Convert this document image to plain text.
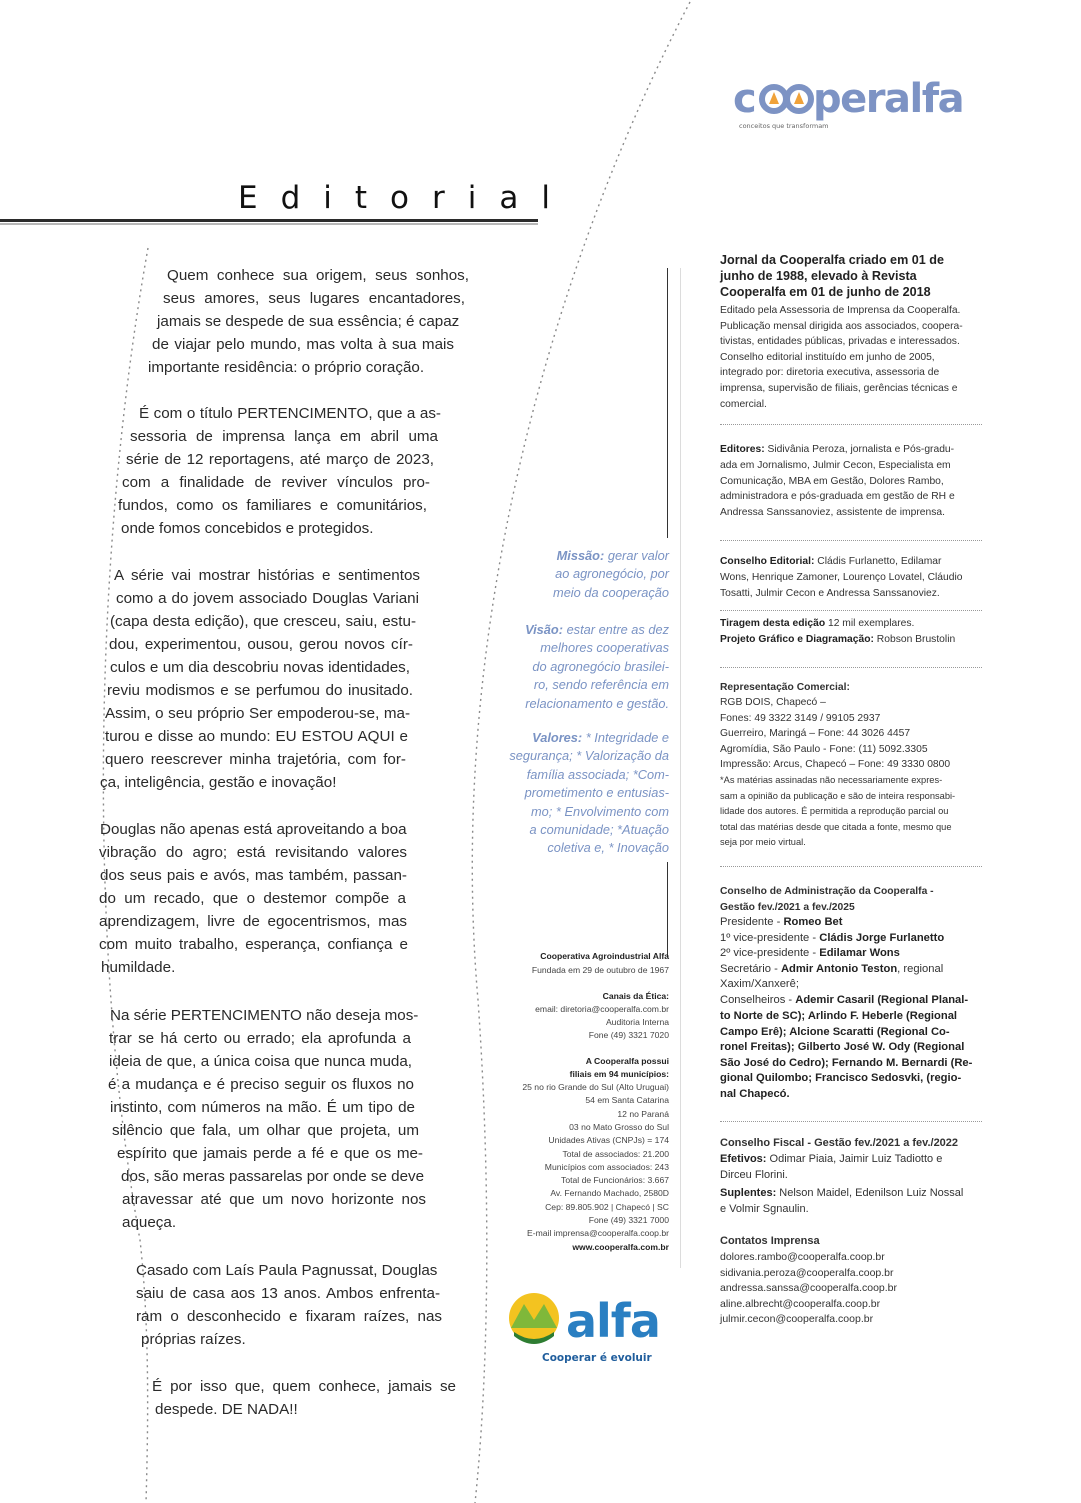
c peralfa
conceitos que transformam
Editorial
Quem conhece sua origem, seus sonhos,
seus amores, seus lugares encantadores,
jamais se despede de sua essência; é capaz
de viajar pelo mundo, mas volta à sua mais
importante residência: o próprio coração.
É com o título PERTENCIMENTO, que a as-
sessoria de imprensa lança em abril uma
série de 12 reportagens, até março de 2023,
com a finalidade de reviver vínculos pro-
fundos, como os familiares e comunitários,
onde fomos concebidos e protegidos.
A série vai mostrar histórias e sentimentos
como a do jovem associado Douglas Variani
(capa desta edição), que cresceu, saiu, estu-
dou, experimentou, ousou, gerou novos cír-
culos e um dia descobriu novas identidades,
reviu modismos e se perfumou do inusitado.
Assim, o seu próprio Ser empoderou-se, ma-
turou e disse ao mundo: EU ESTOU AQUI e
quero reescrever minha trajetória, com for-
ça, inteligência, gestão e inovação!
Douglas não apenas está aproveitando a boa
vibração do agro; está revisitando valores
dos seus pais e avós, mas também, passan-
do um recado, que o destemor compõe a
aprendizagem, livre de egocentrismos, mas
com muito trabalho, esperança, confiança e
humildade.
Na série PERTENCIMENTO não deseja mos-
trar se há certo ou errado; ela aprofunda a
ideia de que, a única coisa que nunca muda,
é a mudança e é preciso seguir os fluxos no
instinto, com números na mão. É um tipo de
silêncio que fala, um olhar que projeta, um
espírito que jamais perde a fé e que os me-
dos, são meras passarelas por onde se deve
atravessar até que um novo horizonte nos
aqueça.
Casado com Laís Paula Pagnussat, Douglas
saiu de casa aos 13 anos. Ambos enfrenta-
ram o desconhecido e fixaram raízes, nas
próprias raízes.
É por isso que, quem conhece, jamais se
despede. DE NADA!!
Missão: gerar valor
ao agronegócio, por
meio da cooperação
Visão: estar entre as dez
melhores cooperativas
do agronegócio brasilei-
ro, sendo referência em
relacionamento e gestão.
Valores: * Integridade e
segurança; * Valorização da
família associada; *Com-
prometimento e entusias-
mo; * Envolvimento com
a comunidade; *Atuação
coletiva e, * Inovação
Cooperativa Agroindustrial Alfa
Fundada em 29 de outubro de 1967
Canais da Ética:
email: diretoria@cooperalfa.com.br
Auditoria Interna
Fone (49) 3321 7020
A Cooperalfa possui
filiais em 94 municípios:
25 no rio Grande do Sul (Alto Uruguai)
54 em Santa Catarina
12 no Paraná
03 no Mato Grosso do Sul
Unidades Ativas (CNPJs) = 174
Total de associados: 21.200
Municípios com associados: 243
Total de Funcionários: 3.667
Av. Fernando Machado, 2580D
Cep: 89.805.902 | Chapecó | SC
Fone (49) 3321 7000
E-mail imprensa@cooperalfa.coop.br
www.cooperalfa.com.br
alfa
Cooperar é evoluir
Jornal da Cooperalfa criado em 01 de
junho de 1988, elevado à Revista
Cooperalfa em 01 de junho de 2018
Editado pela Assessoria de Imprensa da Cooperalfa.
Publicação mensal dirigida aos associados, coopera-
tivistas, entidades públicas, privadas e interessados.
Conselho editorial instituído em junho de 2005,
integrado por: diretoria executiva, assessoria de
imprensa, supervisão de filiais, gerências técnicas e
comercial.
Editores: Sidivânia Peroza, jornalista e Pós-gradu-
ada em Jornalismo, Julmir Cecon, Especialista em
Comunicação, MBA em Gestão, Dolores Rambo,
administradora e pós-graduada em gestão de RH e
Andressa Sanssanoviez, assistente de imprensa.
Conselho Editorial: Cládis Furlanetto, Edilamar
Wons, Henrique Zamoner, Lourenço Lovatel, Cláudio
Tosatti, Julmir Cecon e Andressa Sanssanoviez.
Tiragem desta edição 12 mil exemplares.
Projeto Gráfico e Diagramação: Robson Brustolin
Representação Comercial:
RGB DOIS, Chapecó –
Fones: 49 3322 3149 / 99105 2937
Guerreiro, Maringá – Fone: 44 3026 4457
Agromídia, São Paulo - Fone: (11) 5092.3305
Impressão: Arcus, Chapecó – Fone: 49 3330 0800
*As matérias assinadas não necessariamente expres-
sam a opinião da publicação e são de inteira responsabi-
lidade dos autores. É permitida a reprodução parcial ou
total das matérias desde que citada a fonte, mesmo que
seja por meio virtual.
Conselho de Administração da Cooperalfa -
Gestão fev./2021 a fev./2025
Presidente - Romeo Bet
1º vice-presidente - Cládis Jorge Furlanetto
2º vice-presidente - Edilamar Wons
Secretário - Admir Antonio Teston, regional
Xaxim/Xanxerê;
Conselheiros - Ademir Casaril (Regional Planal-
to Norte de SC); Arlindo F. Heberle (Regional
Campo Erê); Alcione Scaratti (Regional Co-
ronel Freitas); Gilberto José W. Ody (Regional
São José do Cedro); Fernando M. Bernardi (Re-
gional Quilombo; Francisco Sedosvki, (regio-
nal Chapecó.
Conselho Fiscal - Gestão fev./2021 a fev./2022
Efetivos: Odimar Piaia, Jaimir Luiz Tadiotto e
Dirceu Florini.
Suplentes: Nelson Maidel, Edenilson Luiz Nossal
e Volmir Sgnaulin.
Contatos Imprensa
dolores.rambo@cooperalfa.coop.br
sidivania.peroza@cooperalfa.coop.br
andressa.sanssa@cooperalfa.coop.br
aline.albrecht@cooperalfa.coop.br
julmir.cecon@cooperalfa.coop.br
